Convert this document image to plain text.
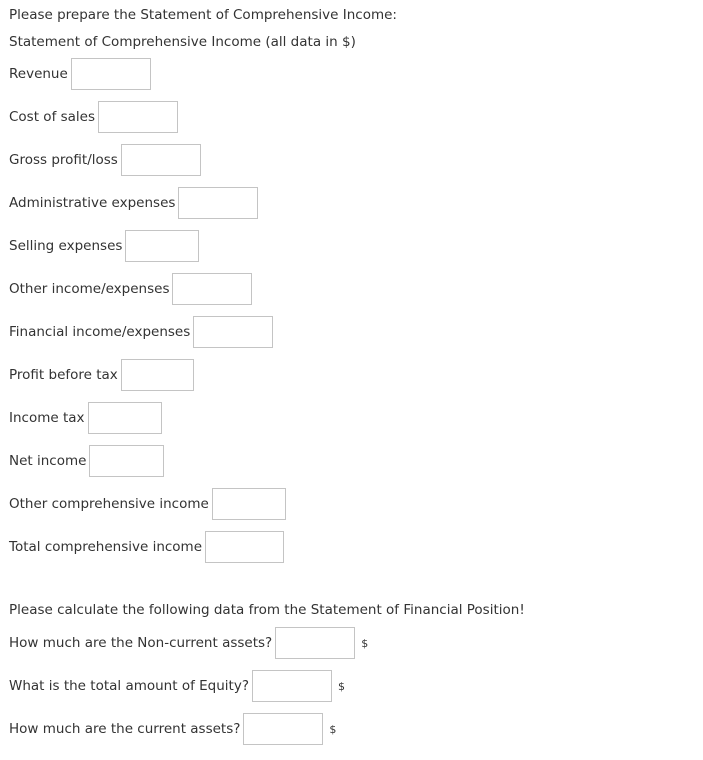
Please prepare the Statement of Comprehensive Income:
Statement of Comprehensive Income (all data in $)
Revenue
Cost of sales
Gross profit/loss
Administrative expenses
Selling expenses
Other income/expenses
Financial income/expenses
Profit before tax
Income tax
Net income
Other comprehensive income
Total comprehensive income
Please calculate the following data from the Statement of Financial Position!
How much are the Non-current assets?	$
What is the total amount of Equity?	$
How much are the current assets?	$
